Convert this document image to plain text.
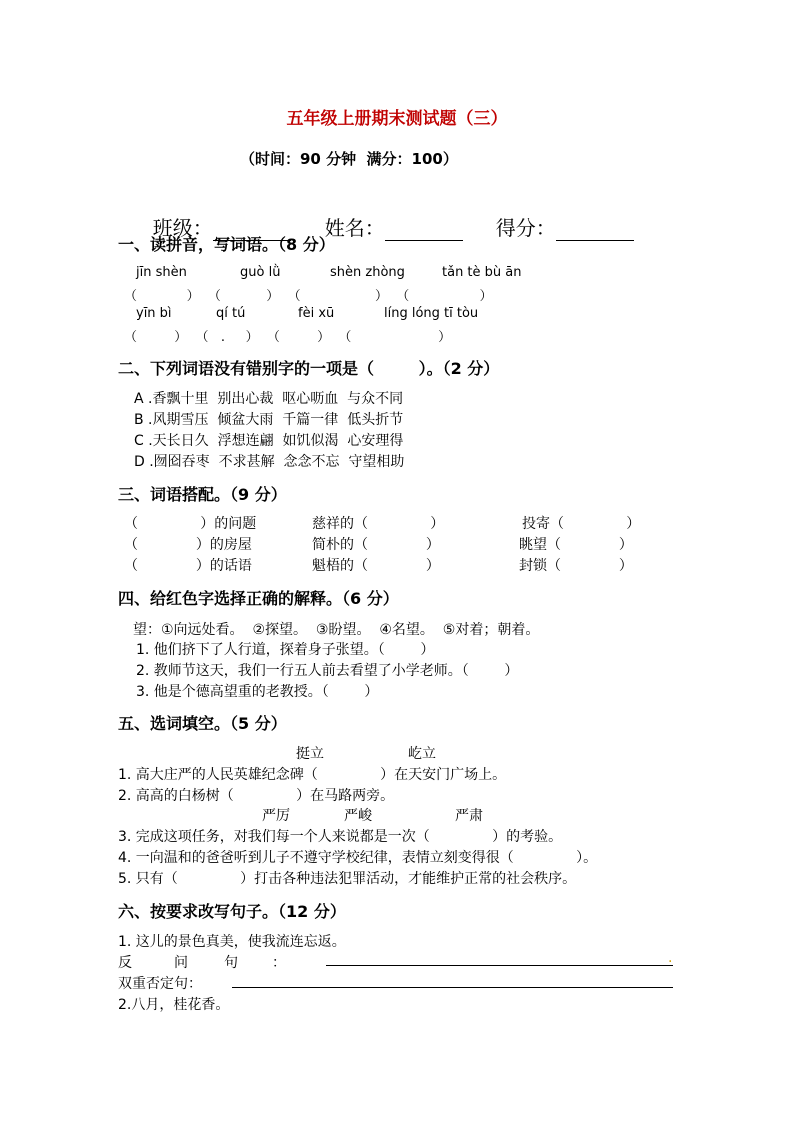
五年级上册期末测试题（三）
（时间：90 分钟  满分：100）

班级：	姓名：	得分：

一、读拼音，写词语。（8 分）
jīn shèn	guò lǜ	shèn zhòng	tǎn tè bù ān
（            ）  （           ）  （                  ）  （                 ）
yīn bì	qí tú	fèi xū	líng lóng tī tòu
（         ）  （   .     ）  （         ）  （                     ）
二、下列词语没有错别字的一项是（        ）。（2 分）
A .香飘十里  别出心裁  呕心呖血  与众不同
B .风期雪压  倾盆大雨  千篇一律  低头折节
C .天长日久  浮想连翩  如饥似渴  心安理得
D .囫囵吞枣  不求甚解  念念不忘  守望相助
三、词语搭配。（9 分）
（              ）的问题	慈祥的（              ）	投寄（              ）
（             ）的房屋	简朴的（             ）	眺望（             ）
（             ）的话语	魁梧的（             ）	封锁（             ）
四、给红色字选择正确的解释。（6 分）
望：①向远处看。  ②探望。  ③盼望。  ④名望。  ⑤对着；朝着。
1. 他们挤下了人行道，探着身子张望。（        ）
2. 教师节这天，我们一行五人前去看望了小学老师。（        ）
3. 他是个德高望重的老教授。（        ）
五、选词填空。（5 分）
挺立	屹立
1. 高大庄严的人民英雄纪念碑（              ）在天安门广场上。
2. 高高的白杨树（              ）在马路两旁。
严厉	严峻	严肃
3. 完成这项任务，对我们每一个人来说都是一次（              ）的考验。
4. 一向温和的爸爸听到儿子不遵守学校纪律，表情立刻变得很（              ）。
5. 只有（              ）打击各种违法犯罪活动，才能维护正常的社会秩序。
六、按要求改写句子。（12 分）
1. 这儿的景色真美，使我流连忘返。
反	问	句 ：	.
双重否定句：
2.八月，桂花香。
